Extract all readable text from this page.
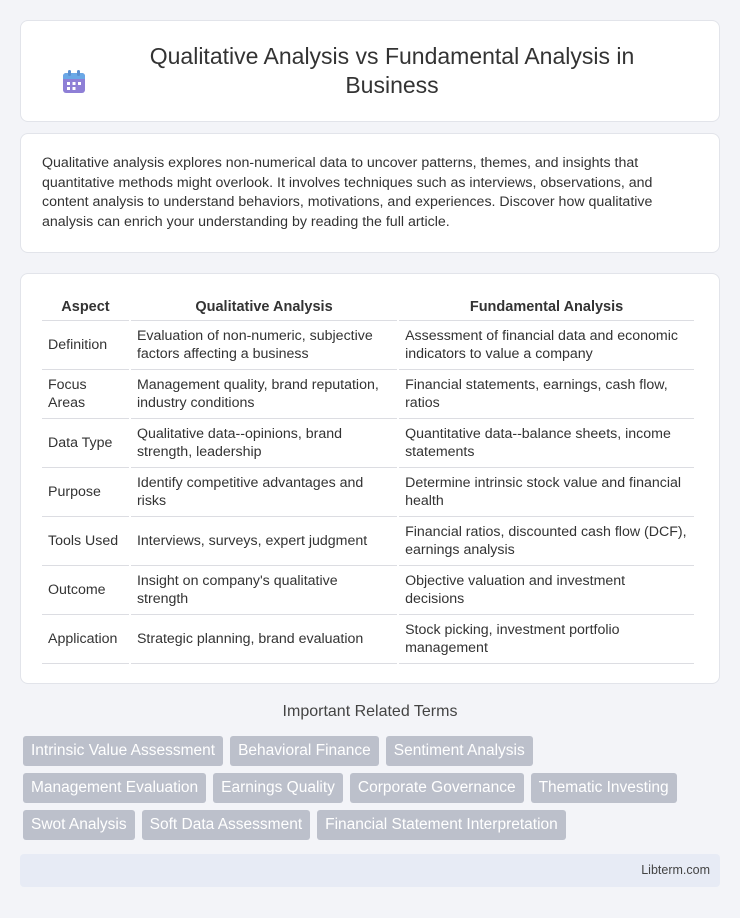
Qualitative Analysis vs Fundamental Analysis in Business

Qualitative analysis explores non-numerical data to uncover patterns, themes, and insights that quantitative methods might overlook. It involves techniques such as interviews, observations, and content analysis to understand behaviors, motivations, and experiences. Discover how qualitative analysis can enrich your understanding by reading the full article.

Aspect	Qualitative Analysis	Fundamental Analysis
Definition	Evaluation of non-numeric, subjective factors affecting a business	Assessment of financial data and economic indicators to value a company
Focus Areas	Management quality, brand reputation, industry conditions	Financial statements, earnings, cash flow, ratios
Data Type	Qualitative data--opinions, brand strength, leadership	Quantitative data--balance sheets, income statements
Purpose	Identify competitive advantages and risks	Determine intrinsic stock value and financial health
Tools Used	Interviews, surveys, expert judgment	Financial ratios, discounted cash flow (DCF), earnings analysis
Outcome	Insight on company's qualitative strength	Objective valuation and investment decisions
Application	Strategic planning, brand evaluation	Stock picking, investment portfolio management
Important Related Terms
Intrinsic Value Assessment	Behavioral Finance	Sentiment Analysis
Management Evaluation	Earnings Quality	Corporate Governance	Thematic Investing
Swot Analysis	Soft Data Assessment	Financial Statement Interpretation
Libterm.com
